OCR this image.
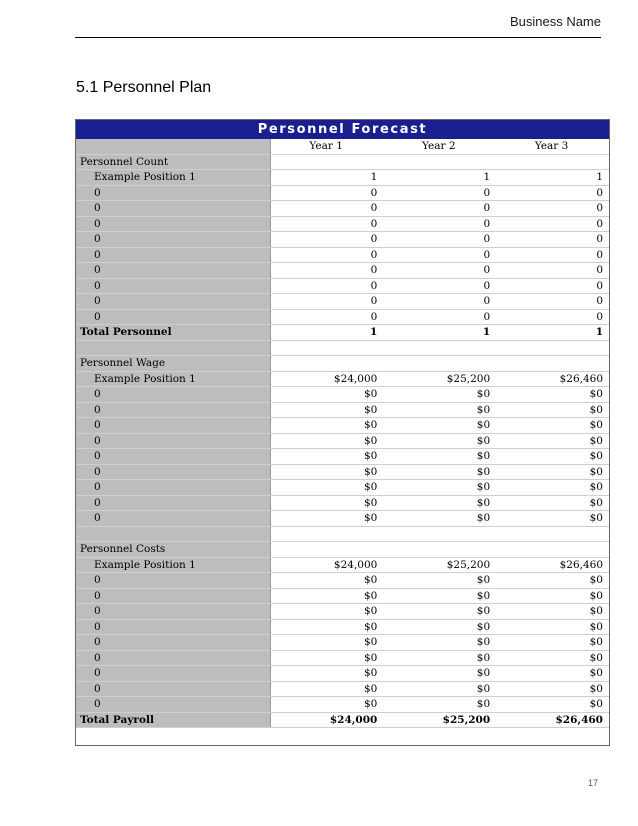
Business Name
5.1 Personnel Plan
Personnel Forecast
	Year 1	Year 2	Year 3
Personnel Count			
Example Position 1	1	1	1
0	0	0	0
0	0	0	0
0	0	0	0
0	0	0	0
0	0	0	0
0	0	0	0
0	0	0	0
0	0	0	0
0	0	0	0
Total Personnel	1	1	1

Personnel Wage			
Example Position 1	$24,000	$25,200	$26,460
0	$0	$0	$0
0	$0	$0	$0
0	$0	$0	$0
0	$0	$0	$0
0	$0	$0	$0
0	$0	$0	$0
0	$0	$0	$0
0	$0	$0	$0
0	$0	$0	$0

Personnel Costs			
Example Position 1	$24,000	$25,200	$26,460
0	$0	$0	$0
0	$0	$0	$0
0	$0	$0	$0
0	$0	$0	$0
0	$0	$0	$0
0	$0	$0	$0
0	$0	$0	$0
0	$0	$0	$0
0	$0	$0	$0
Total Payroll	$24,000	$25,200	$26,460
17
